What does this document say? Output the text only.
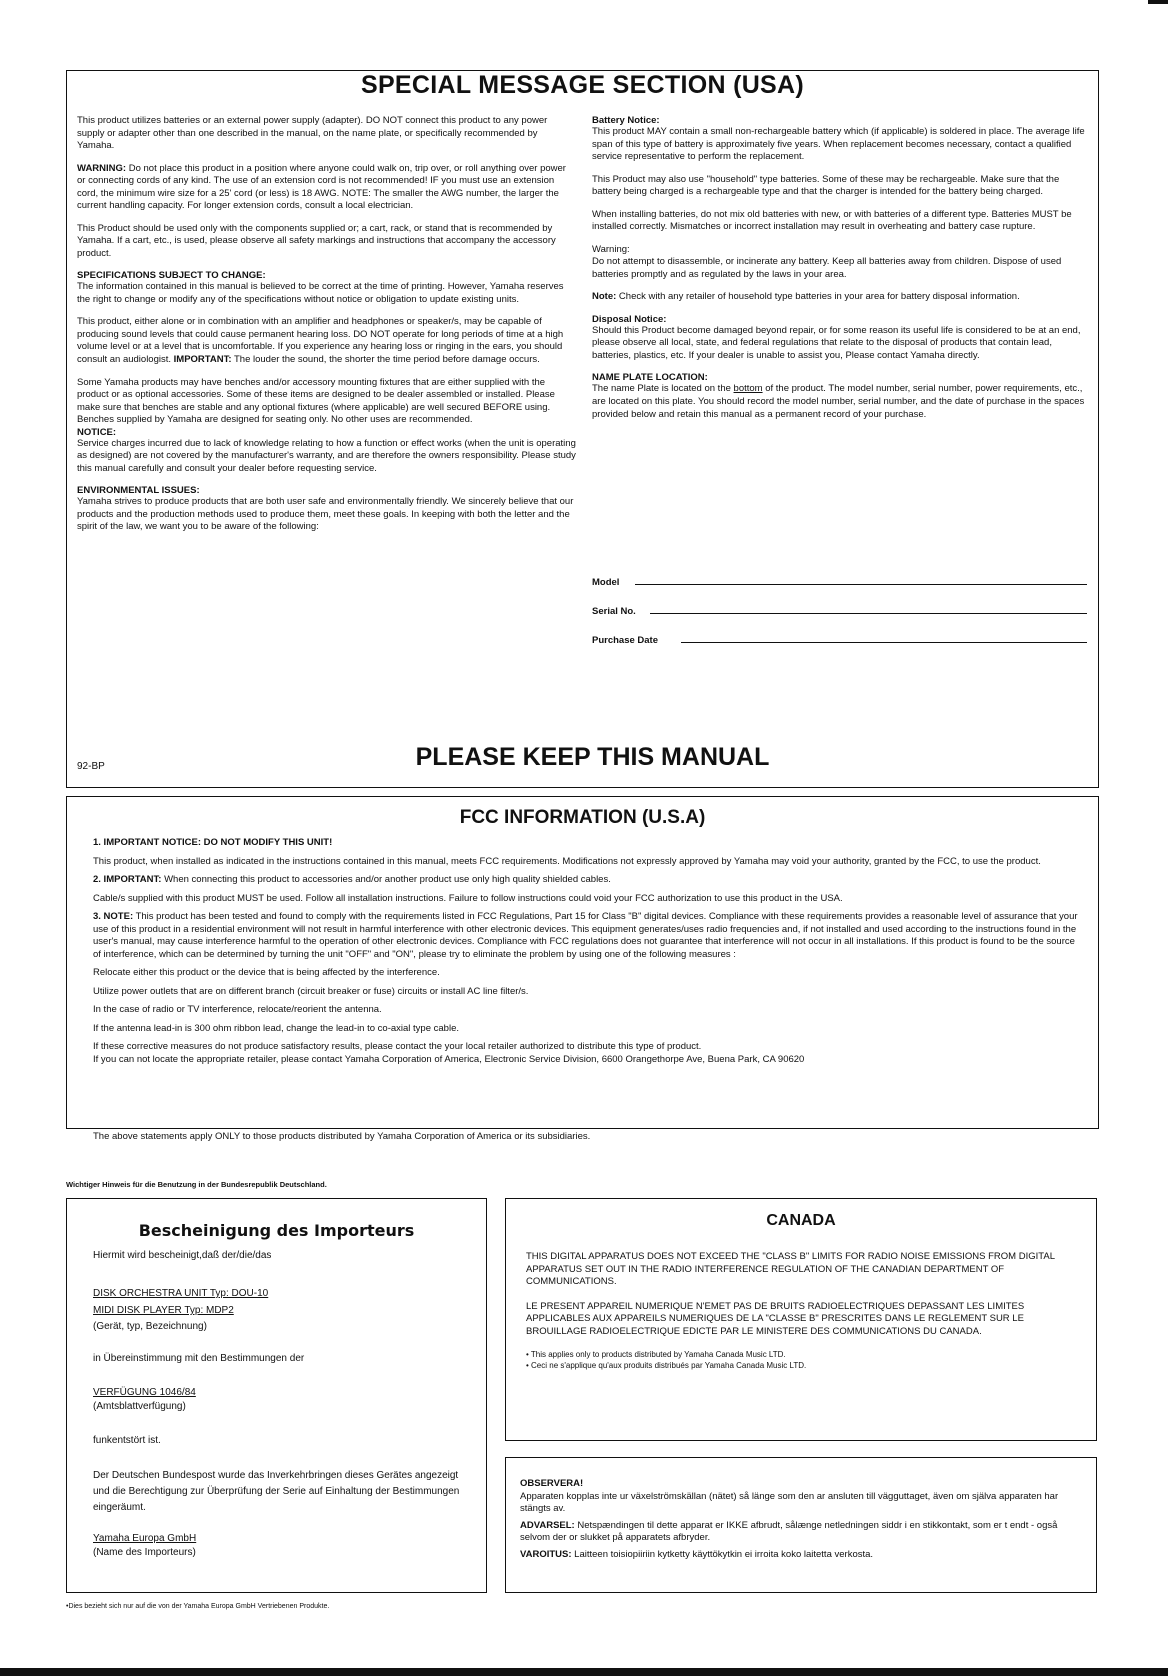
SPECIAL MESSAGE SECTION (USA)

This product utilizes batteries or an external power supply (adapter). DO NOT connect this product to any power supply or adapter other than one described in the manual, on the name plate, or specifically recommended by Yamaha.

WARNING: Do not place this product in a position where anyone could walk on, trip over, or roll anything over power or connecting cords of any kind. The use of an extension cord is not recommended! IF you must use an extension cord, the minimum wire size for a 25' cord (or less) is 18 AWG. NOTE: The smaller the AWG number, the larger the current handling capacity. For longer extension cords, consult a local electrician.

This Product should be used only with the components supplied or; a cart, rack, or stand that is recommended by Yamaha. If a cart, etc., is used, please observe all safety markings and instructions that accompany the accessory product.

SPECIFICATIONS SUBJECT TO CHANGE:

The information contained in this manual is believed to be correct at the time of printing. However, Yamaha reserves the right to change or modify any of the specifications without notice or obligation to update existing units.

This product, either alone or in combination with an amplifier and headphones or speaker/s, may be capable of producing sound levels that could cause permanent hearing loss. DO NOT operate for long periods of time at a high volume level or at a level that is uncomfortable. If you experience any hearing loss or ringing in the ears, you should consult an audiologist. IMPORTANT: The louder the sound, the shorter the time period before damage occurs.

Some Yamaha products may have benches and/or accessory mounting fixtures that are either supplied with the product or as optional accessories. Some of these items are designed to be dealer assembled or installed. Please make sure that benches are stable and any optional fixtures (where applicable) are well secured BEFORE using. Benches supplied by Yamaha are designed for seating only. No other uses are recommended.

NOTICE:

Service charges incurred due to lack of knowledge relating to how a function or effect works (when the unit is operating as designed) are not covered by the manufacturer's warranty, and are therefore the owners responsibility. Please study this manual carefully and consult your dealer before requesting service.

ENVIRONMENTAL ISSUES:

Yamaha strives to produce products that are both user safe and environmentally friendly. We sincerely believe that our products and the production methods used to produce them, meet these goals. In keeping with both the letter and the spirit of the law, we want you to be aware of the following:

Battery Notice:

This product MAY contain a small non-rechargeable battery which (if applicable) is soldered in place. The average life span of this type of battery is approximately five years. When replacement becomes necessary, contact a qualified service representative to perform the replacement.

This Product may also use "household" type batteries. Some of these may be rechargeable. Make sure that the battery being charged is a rechargeable type and that the charger is intended for the battery being charged.

When installing batteries, do not mix old batteries with new, or with batteries of a different type. Batteries MUST be installed correctly. Mismatches or incorrect installation may result in overheating and battery case rupture.

Warning:

Do not attempt to disassemble, or incinerate any battery. Keep all batteries away from children. Dispose of used batteries promptly and as regulated by the laws in your area.

Note: Check with any retailer of household type batteries in your area for battery disposal information.

Disposal Notice:

Should this Product become damaged beyond repair, or for some reason its useful life is considered to be at an end, please observe all local, state, and federal regulations that relate to the disposal of products that contain lead, batteries, plastics, etc. If your dealer is unable to assist you, Please contact Yamaha directly.

NAME PLATE LOCATION:

The name Plate is located on the bottom of the product. The model number, serial number, power requirements, etc., are located on this plate. You should record the model number, serial number, and the date of purchase in the spaces provided below and retain this manual as a permanent record of your purchase.

Model
Serial No.
Purchase Date
92-BP	PLEASE KEEP THIS MANUAL
FCC INFORMATION (U.S.A)

1. IMPORTANT NOTICE: DO NOT MODIFY THIS UNIT!

This product, when installed as indicated in the instructions contained in this manual, meets FCC requirements. Modifications not expressly approved by Yamaha may void your authority, granted by the FCC, to use the product.

2. IMPORTANT: When connecting this product to accessories and/or another product use only high quality shielded cables.

Cable/s supplied with this product MUST be used. Follow all installation instructions. Failure to follow instructions could void your FCC authorization to use this product in the USA.

3. NOTE: This product has been tested and found to comply with the requirements listed in FCC Regulations, Part 15 for Class "B" digital devices. Compliance with these requirements provides a reasonable level of assurance that your use of this product in a residential environment will not result in harmful interference with other electronic devices. This equipment generates/uses radio frequencies and, if not installed and used according to the instructions found in the user's manual, may cause interference harmful to the operation of other electronic devices. Compliance with FCC regulations does not guarantee that interference will not occur in all installations. If this product is found to be the source of interference, which can be determined by turning the unit "OFF" and "ON", please try to eliminate the problem by using one of the following measures :

Relocate either this product or the device that is being affected by the interference.

Utilize power outlets that are on different branch (circuit breaker or fuse) circuits or install AC line filter/s.

In the case of radio or TV interference, relocate/reorient the antenna.

If the antenna lead-in is 300 ohm ribbon lead, change the lead-in to co-axial type cable.

If these corrective measures do not produce satisfactory results, please contact the your local retailer authorized to distribute this type of product.

If you can not locate the appropriate retailer, please contact Yamaha Corporation of America, Electronic Service Division, 6600 Orangethorpe Ave, Buena Park, CA 90620

The above statements apply ONLY to those products distributed by Yamaha Corporation of America or its subsidiaries.
Wichtiger Hinweis für die Benutzung in der Bundesrepublik Deutschland.
Bescheinigung des Importeurs
Hiermit wird bescheinigt,daß der/die/das
DISK ORCHESTRA UNIT Typ: DOU-10
MIDI DISK PLAYER Typ: MDP2
(Gerät, typ, Bezeichnung)
in Übereinstimmung mit den Bestimmungen der
VERFÜGUNG 1046/84
(Amtsblattverfügung)
funkentstört ist.
Der Deutschen Bundespost wurde das Inverkehrbringen dieses Gerätes angezeigt und die Berechtigung zur Überprüfung der Serie auf Einhaltung der Bestimmungen eingeräumt.
Yamaha Europa GmbH
(Name des Importeurs)
•Dies bezieht sich nur auf die von der Yamaha Europa GmbH Vertriebenen Produkte.
CANADA

THIS DIGITAL APPARATUS DOES NOT EXCEED THE "CLASS B" LIMITS FOR RADIO NOISE EMISSIONS FROM DIGITAL APPARATUS SET OUT IN THE RADIO INTERFERENCE REGULATION OF THE CANADIAN DEPARTMENT OF COMMUNICATIONS.

LE PRESENT APPAREIL NUMERIQUE N'EMET PAS DE BRUITS RADIOELECTRIQUES DEPASSANT LES LIMITES APPLICABLES AUX APPAREILS NUMERIQUES DE LA "CLASSE B" PRESCRITES DANS LE REGLEMENT SUR LE BROUILLAGE RADIOELECTRIQUE EDICTE PAR LE MINISTERE DES COMMUNICATIONS DU CANADA.

• This applies only to products distributed by Yamaha Canada Music LTD.
• Ceci ne s'applique qu'aux produits distribués par Yamaha Canada Music LTD.
OBSERVERA!

Apparaten kopplas inte ur växelströmskällan (nätet) så länge som den ar ansluten till vägguttaget, även om själva apparaten har stängts av.

ADVARSEL: Netspændingen til dette apparat er IKKE afbrudt, sålænge netledningen siddr i en stikkontakt, som er t endt - også selvom der or slukket på apparatets afbryder.

VAROITUS: Laitteen toisiopiiriin kytketty käyttökytkin ei irroita koko laitetta verkosta.
